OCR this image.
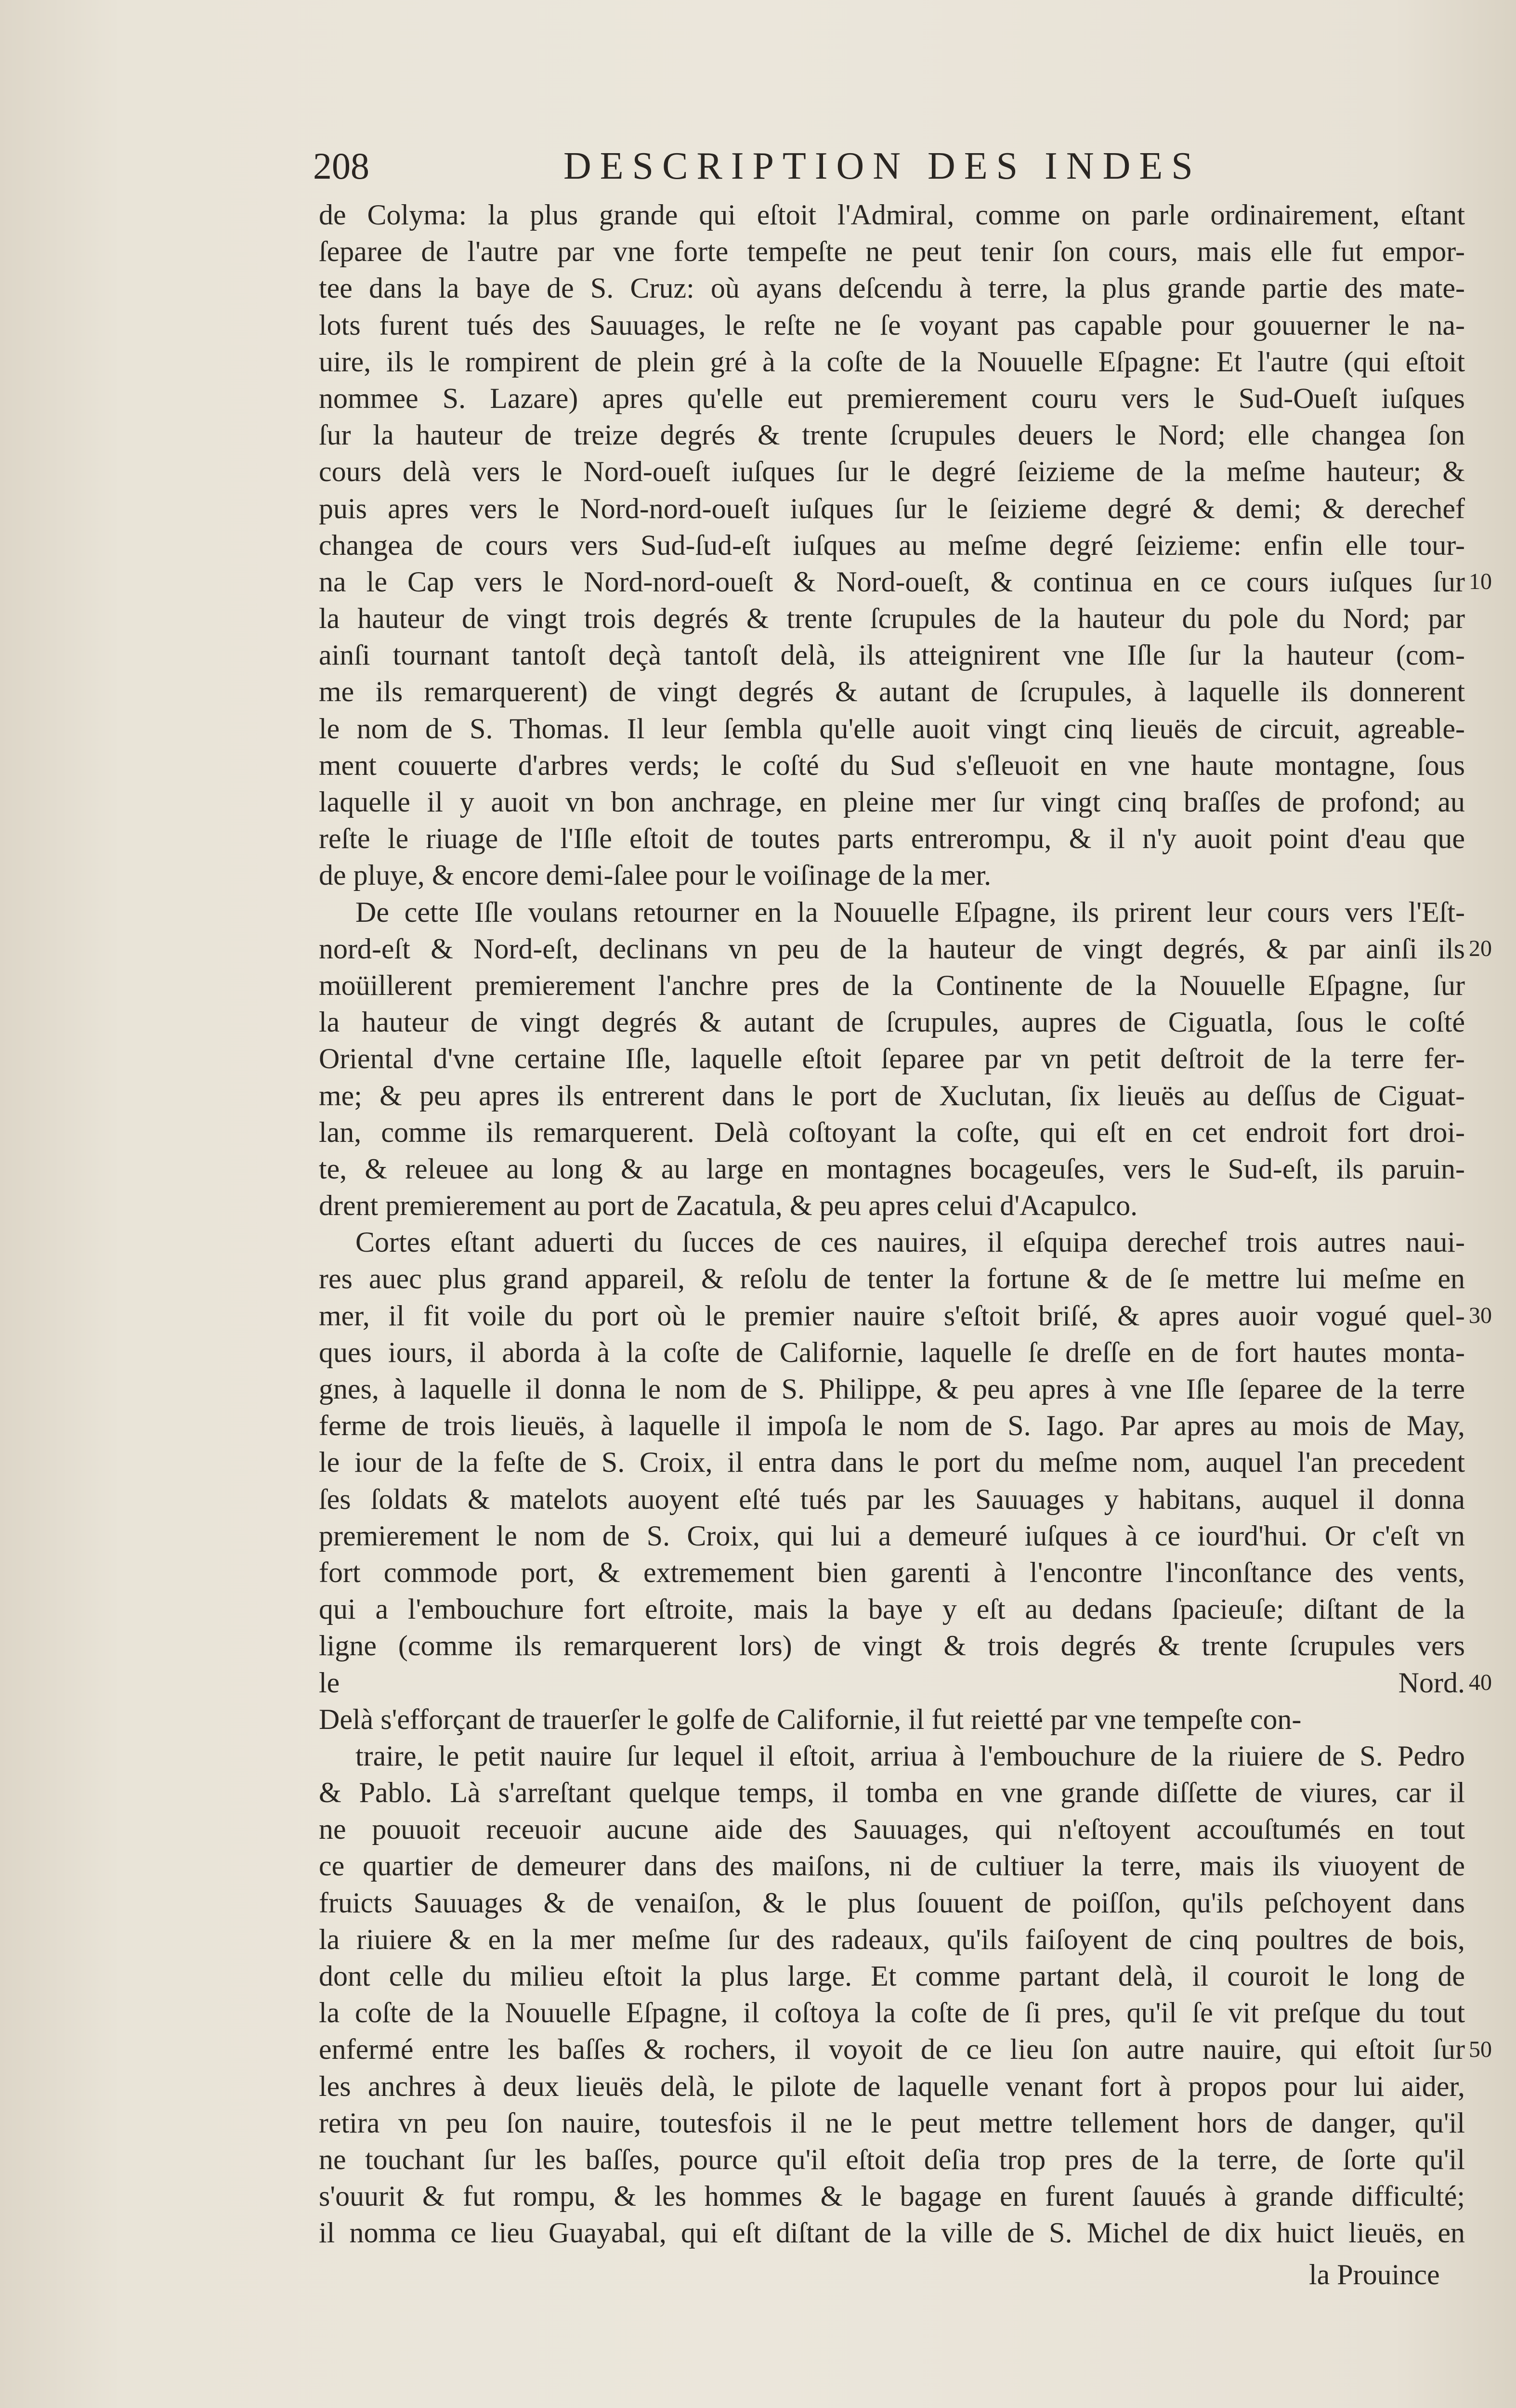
208	DESCRIPTION DES INDES
de Colyma: la plus grande qui eſtoit l'Admiral, comme on parle ordinairement, eſtant
ſeparee de l'autre par vne forte tempeſte ne peut tenir ſon cours, mais elle fut empor-
tee dans la baye de S. Cruz: où ayans deſcendu à terre, la plus grande partie des mate-
lots furent tués des Sauuages, le reſte ne ſe voyant pas capable pour gouuerner le na-
uire, ils le rompirent de plein gré à la coſte de la Nouuelle Eſpagne: Et l'autre (qui eſtoit
nommee S. Lazare) apres qu'elle eut premierement couru vers le Sud-Oueſt iuſques
ſur la hauteur de treize degrés & trente ſcrupules deuers le Nord; elle changea ſon
cours delà vers le Nord-oueſt iuſques ſur le degré ſeizieme de la meſme hauteur; &
puis apres vers le Nord-nord-oueſt iuſques ſur le ſeizieme degré & demi; & derechef
changea de cours vers Sud-ſud-eſt iuſques au meſme degré ſeizieme: enfin elle tour-
na le Cap vers le Nord-nord-oueſt & Nord-oueſt, & continua en ce cours iuſques ſur
la hauteur de vingt trois degrés & trente ſcrupules de la hauteur du pole du Nord; par
ainſi tournant tantoſt deçà tantoſt delà, ils atteignirent vne Iſle ſur la hauteur (com-
me ils remarquerent) de vingt degrés & autant de ſcrupules, à laquelle ils donnerent
le nom de S. Thomas. Il leur ſembla qu'elle auoit vingt cinq lieuës de circuit, agreable-
ment couuerte d'arbres verds; le coſté du Sud s'eſleuoit en vne haute montagne, ſous
laquelle il y auoit vn bon anchrage, en pleine mer ſur vingt cinq braſſes de profond; au
reſte le riuage de l'Iſle eſtoit de toutes parts entrerompu, & il n'y auoit point d'eau que
de pluye, & encore demi-ſalee pour le voiſinage de la mer.
De cette Iſle voulans retourner en la Nouuelle Eſpagne, ils prirent leur cours vers l'Eſt-
nord-eſt & Nord-eſt, declinans vn peu de la hauteur de vingt degrés, & par ainſi ils
moüillerent premierement l'anchre pres de la Continente de la Nouuelle Eſpagne, ſur
la hauteur de vingt degrés & autant de ſcrupules, aupres de Ciguatla, ſous le coſté
Oriental d'vne certaine Iſle, laquelle eſtoit ſeparee par vn petit deſtroit de la terre fer-
me; & peu apres ils entrerent dans le port de Xuclutan, ſix lieuës au deſſus de Ciguat-
lan, comme ils remarquerent. Delà coſtoyant la coſte, qui eſt en cet endroit fort droi-
te, & releuee au long & au large en montagnes bocageuſes, vers le Sud-eſt, ils paruin-
drent premierement au port de Zacatula, & peu apres celui d'Acapulco.
Cortes eſtant aduerti du ſucces de ces nauires, il eſquipa derechef trois autres naui-
res auec plus grand appareil, & reſolu de tenter la fortune & de ſe mettre lui meſme en
mer, il fit voile du port où le premier nauire s'eſtoit briſé, & apres auoir vogué quel-
ques iours, il aborda à la coſte de Californie, laquelle ſe dreſſe en de fort hautes monta-
gnes, à laquelle il donna le nom de S. Philippe, & peu apres à vne Iſle ſeparee de la terre
ferme de trois lieuës, à laquelle il impoſa le nom de S. Iago. Par apres au mois de May,
le iour de la feſte de S. Croix, il entra dans le port du meſme nom, auquel l'an precedent
ſes ſoldats & matelots auoyent eſté tués par les Sauuages y habitans, auquel il donna
premierement le nom de S. Croix, qui lui a demeuré iuſques à ce iourd'hui. Or c'eſt vn
fort commode port, & extremement bien garenti à l'encontre l'inconſtance des vents,
qui a l'embouchure fort eſtroite, mais la baye y eſt au dedans ſpacieuſe; diſtant de la
ligne (comme ils remarquerent lors) de vingt & trois degrés & trente ſcrupules vers
le Nord.
Delà s'efforçant de trauerſer le golfe de Californie, il fut reietté par vne tempeſte con-
traire, le petit nauire ſur lequel il eſtoit, arriua à l'embouchure de la riuiere de S. Pedro
& Pablo. Là s'arreſtant quelque temps, il tomba en vne grande diſſette de viures, car il
ne pouuoit receuoir aucune aide des Sauuages, qui n'eſtoyent accouſtumés en tout
ce quartier de demeurer dans des maiſons, ni de cultiuer la terre, mais ils viuoyent de
fruicts Sauuages & de venaiſon, & le plus ſouuent de poiſſon, qu'ils peſchoyent dans
la riuiere & en la mer meſme ſur des radeaux, qu'ils faiſoyent de cinq poultres de bois,
dont celle du milieu eſtoit la plus large. Et comme partant delà, il couroit le long de
la coſte de la Nouuelle Eſpagne, il coſtoya la coſte de ſi pres, qu'il ſe vit preſque du tout
enfermé entre les baſſes & rochers, il voyoit de ce lieu ſon autre nauire, qui eſtoit ſur
les anchres à deux lieuës delà, le pilote de laquelle venant fort à propos pour lui aider,
retira vn peu ſon nauire, toutesfois il ne le peut mettre tellement hors de danger, qu'il
ne touchant ſur les baſſes, pource qu'il eſtoit deſia trop pres de la terre, de ſorte qu'il
s'ouurit & fut rompu, & les hommes & le bagage en furent ſauués à grande difficulté;
il nomma ce lieu Guayabal, qui eſt diſtant de la ville de S. Michel de dix huict lieuës, en
10
20
30
40
50
la Prouince
